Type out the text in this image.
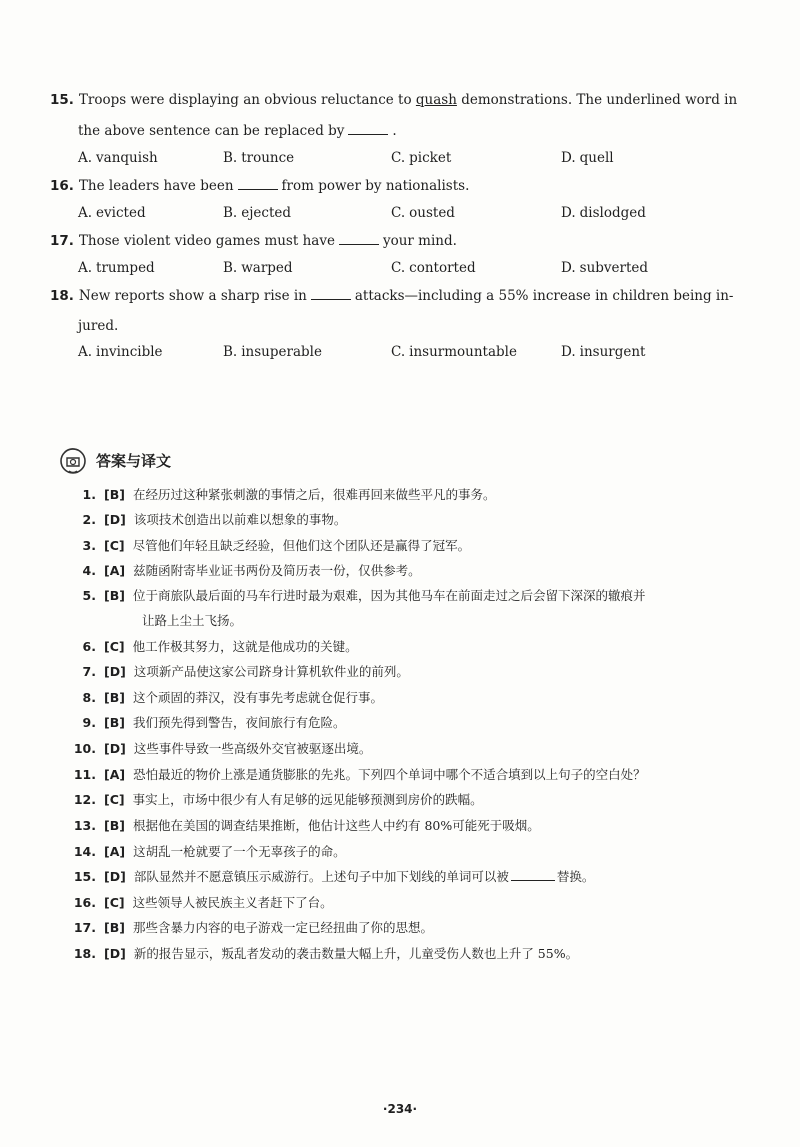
15. Troops were displaying an obvious reluctance to quash demonstrations. The underlined word in
the above sentence can be replaced by	.
A. vanquish	B. trounce	C. picket	D. quell
16. The leaders have been	from power by nationalists.
A. evicted	B. ejected	C. ousted	D. dislodged
17. Those violent video games must have	your mind.
A. trumped	B. warped	C. contorted	D. subverted
18. New reports show a sharp rise in	attacks—including a 55% increase in children being in-
jured.
A. invincible	B. insuperable	C. insurmountable	D. insurgent
答案与译文
1. [B] 在经历过这种紧张刺激的事情之后，很难再回来做些平凡的事务。
2. [D] 该项技术创造出以前难以想象的事物。
3. [C] 尽管他们年轻且缺乏经验，但他们这个团队还是赢得了冠军。
4. [A] 兹随函附寄毕业证书两份及简历表一份，仅供参考。
5. [B] 位于商旅队最后面的马车行进时最为艰难，因为其他马车在前面走过之后会留下深深的辙痕并
让路上尘土飞扬。
6. [C] 他工作极其努力，这就是他成功的关键。
7. [D] 这项新产品使这家公司跻身计算机软件业的前列。
8. [B] 这个顽固的莽汉，没有事先考虑就仓促行事。
9. [B] 我们预先得到警告，夜间旅行有危险。
10. [D] 这些事件导致一些高级外交官被驱逐出境。
11. [A] 恐怕最近的物价上涨是通货膨胀的先兆。下列四个单词中哪个不适合填到以上句子的空白处？
12. [C] 事实上，市场中很少有人有足够的远见能够预测到房价的跌幅。
13. [B] 根据他在美国的调查结果推断，他估计这些人中约有 80%可能死于吸烟。
14. [A] 这胡乱一枪就要了一个无辜孩子的命。
15. [D] 部队显然并不愿意镇压示威游行。上述句子中加下划线的单词可以被	替换。
16. [C] 这些领导人被民族主义者赶下了台。
17. [B] 那些含暴力内容的电子游戏一定已经扭曲了你的思想。
18. [D] 新的报告显示，叛乱者发动的袭击数量大幅上升，儿童受伤人数也上升了 55%。
·234·
